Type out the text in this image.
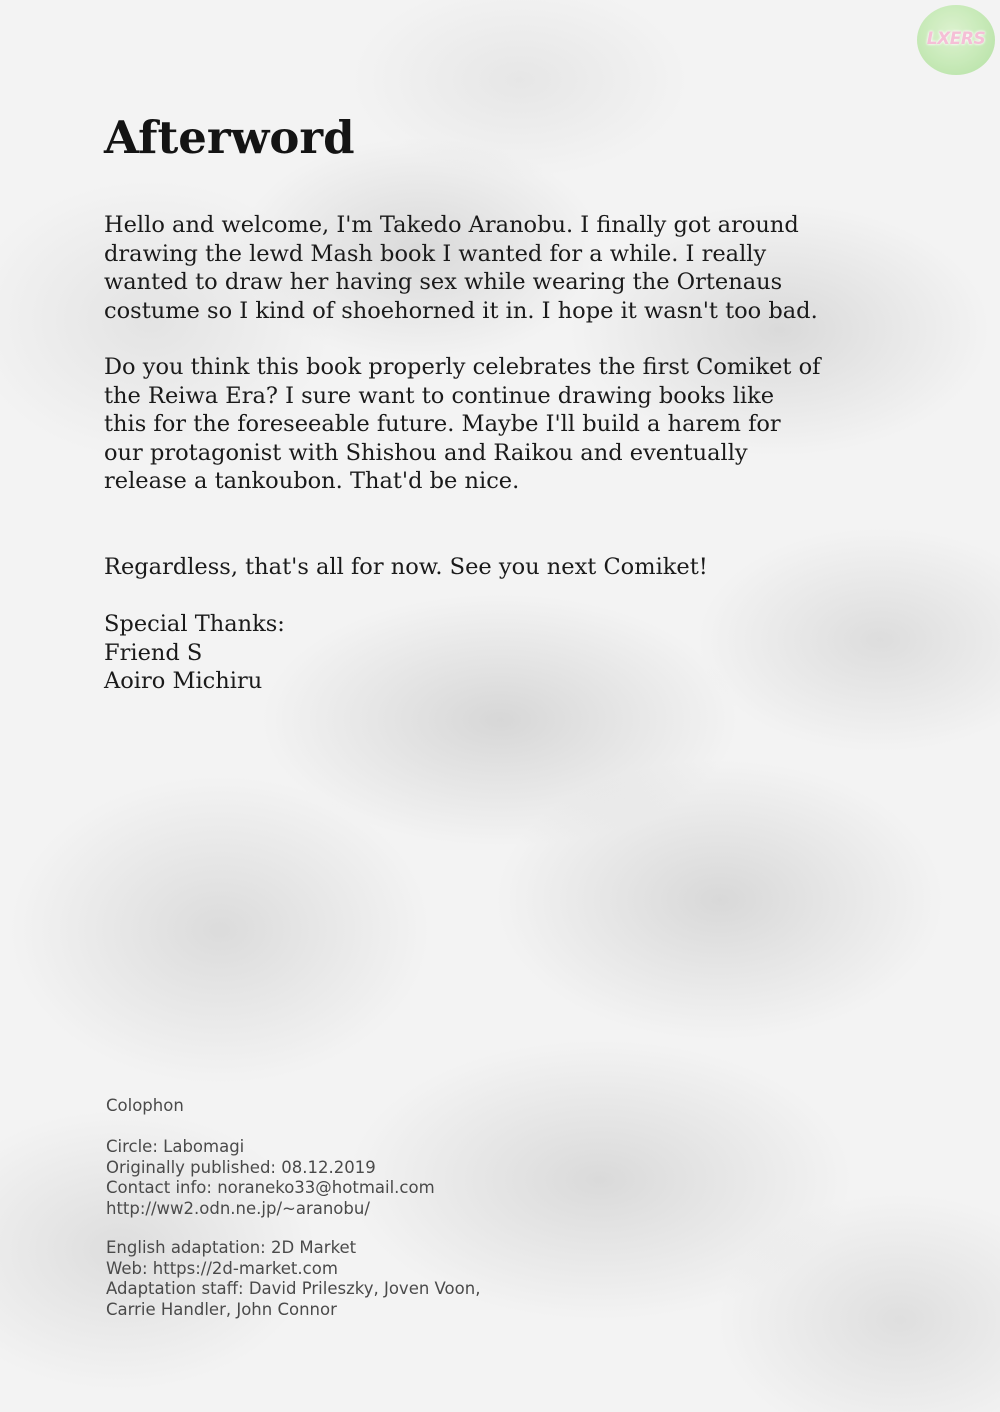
LXERS
Afterword

Hello and welcome, I'm Takedo Aranobu. I finally got around
drawing the lewd Mash book I wanted for a while. I really
wanted to draw her having sex while wearing the Ortenaus
costume so I kind of shoehorned it in. I hope it wasn't too bad.

Do you think this book properly celebrates the first Comiket of
the Reiwa Era? I sure want to continue drawing books like
this for the foreseeable future. Maybe I'll build a harem for
our protagonist with Shishou and Raikou and eventually
release a tankoubon. That'd be nice.

Regardless, that's all for now. See you next Comiket!

Special Thanks:
Friend S
Aoiro Michiru

Colophon

Circle: Labomagi
Originally published: 08.12.2019
Contact info: noraneko33@hotmail.com
http://ww2.odn.ne.jp/~aranobu/

English adaptation: 2D Market
Web: https://2d-market.com
Adaptation staff: David Prileszky, Joven Voon,
Carrie Handler, John Connor
